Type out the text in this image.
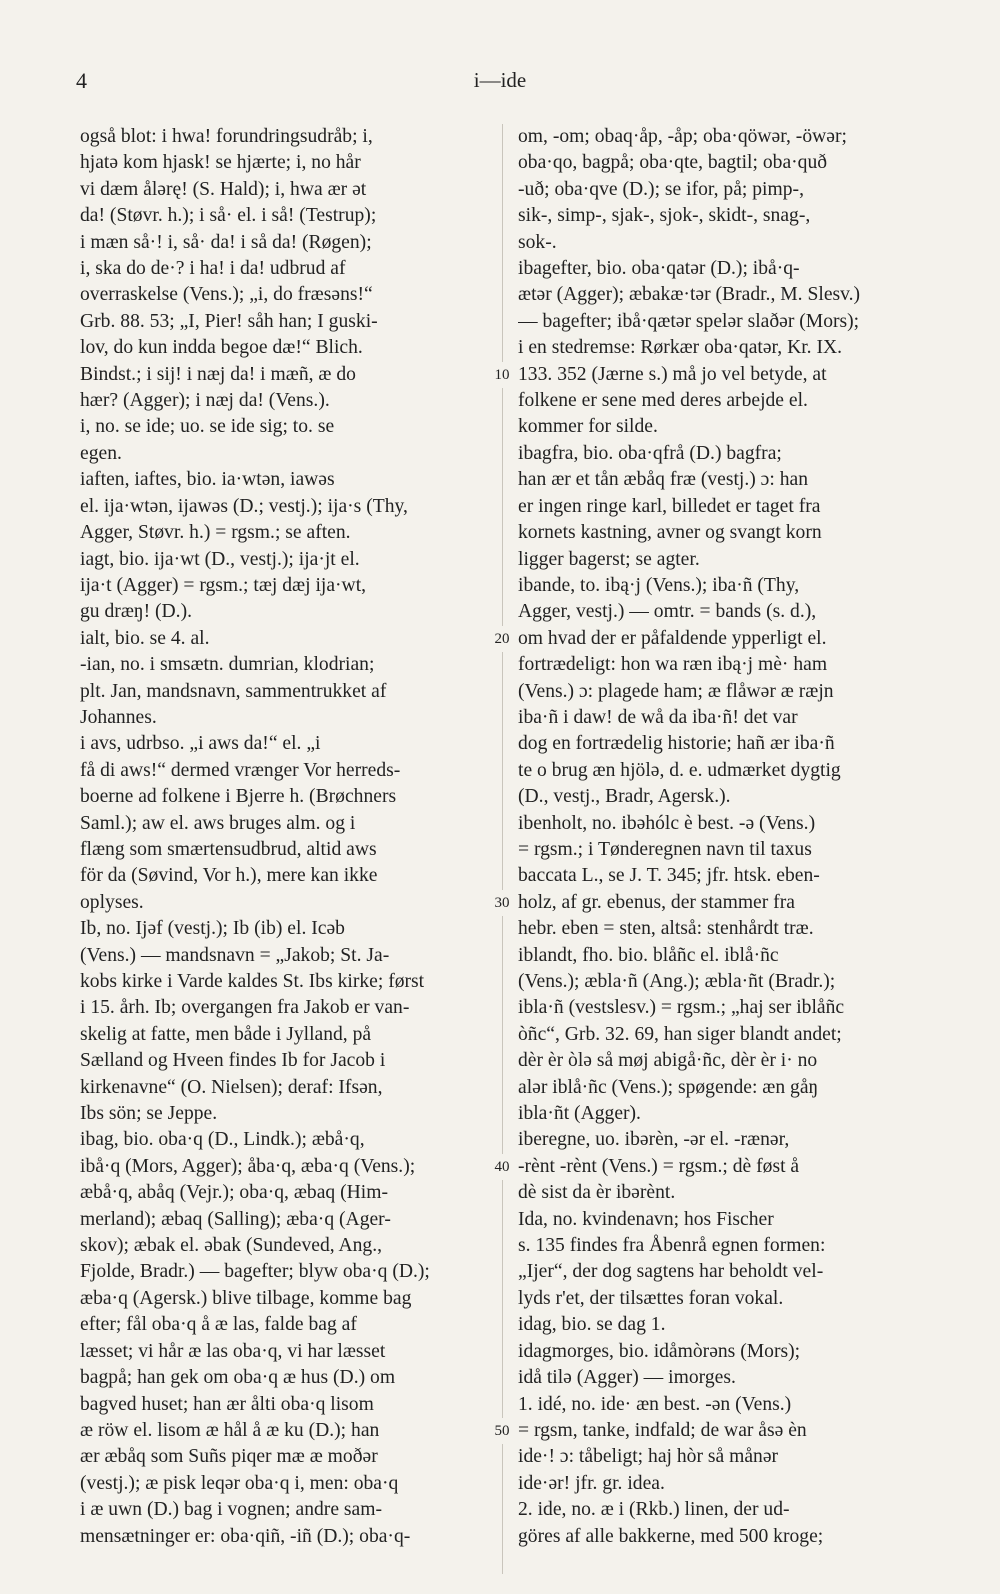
4	i—ide
også blot: i hwa! forundringsudråb; i,
hjatə kom hjask! se hjærte; i, no hår
vi dæm ålərę! (S. Hald); i, hwa ær ət
da! (Støvr. h.); i så· el. i så! (Testrup);
i mæn så·! i, så· da! i så da! (Røgen);
i, ska do de·? i ha! i da! udbrud af
overraskelse (Vens.); „i, do fræsəns!“
Grb. 88. 53; „I, Pier! såh han; I guski-
lov, do kun indda begoe dæ!“ Blich.
Bindst.; i sij! i næj da! i mæñ, æ do
hær? (Agger); i næj da! (Vens.).
i, no. se ide; uo. se ide sig; to. se
egen.
iaften, iaftes, bio. ia·wtən, iawəs
el. ija·wtən, ijawəs (D.; vestj.); ija·s (Thy,
Agger, Støvr. h.) = rgsm.; se aften.
iagt, bio. ija·wt (D., vestj.); ija·jt el.
ija·t (Agger) = rgsm.; tæj dæj ija·wt,
gu dræŋ! (D.).
ialt, bio. se 4. al.
-ian, no. i smsætn. dumrian, klodrian;
plt. Jan, mandsnavn, sammentrukket af
Johannes.
i avs, udrbso. „i aws da!“ el. „i
få di aws!“ dermed vrænger Vor herreds-
boerne ad folkene i Bjerre h. (Brøchners
Saml.); aw el. aws bruges alm. og i
flæng som smærtensudbrud, altid aws
för da (Søvind, Vor h.), mere kan ikke
oplyses.
Ib, no. Ijəf (vestj.); Ib (ib) el. Icəb
(Vens.) — mandsnavn = „Jakob; St. Ja-
kobs kirke i Varde kaldes St. Ibs kirke; først
i 15. årh. Ib; overgangen fra Jakob er van-
skelig at fatte, men både i Jylland, på
Sælland og Hveen findes Ib for Jacob i
kirkenavne“ (O. Nielsen); deraf: Ifsən,
Ibs sön; se Jeppe.
ibag, bio. oba·q (D., Lindk.); æbå·q,
ibå·q (Mors, Agger); åba·q, æba·q (Vens.);
æbå·q, abåq (Vejr.); oba·q, æbaq (Him-
merland); æbaq (Salling); æba·q (Ager-
skov); æbak el. əbak (Sundeved, Ang.,
Fjolde, Bradr.) — bagefter; blyw oba·q (D.);
æba·q (Agersk.) blive tilbage, komme bag
efter; fål oba·q å æ las, falde bag af
læsset; vi hår æ las oba·q, vi har læsset
bagpå; han gek om oba·q æ hus (D.) om
bagved huset; han ær ålti oba·q lisom
æ röw el. lisom æ hål å æ ku (D.); han
ær æbåq som Suñs piqer mæ æ moðər
(vestj.); æ pisk leqər oba·q i, men: oba·q
i æ uwn (D.) bag i vognen; andre sam-
mensætninger er: oba·qiñ, -iñ (D.); oba·q-
om, -om; obaq·åp, -åp; oba·qöwər, -öwər;
oba·qo, bagpå; oba·qte, bagtil; oba·quð
-uð; oba·qve (D.); se ifor, på; pimp-,
sik-, simp-, sjak-, sjok-, skidt-, snag-,
sok-.
ibagefter, bio. oba·qatər (D.); ibå·q-
ætər (Agger); æbakæ·tər (Bradr., M. Slesv.)
— bagefter; ibå·qætər spelər slaðər (Mors);
i en stedremse: Rørkær oba·qatər, Kr. IX.
133. 352 (Jærne s.) må jo vel betyde, at
folkene er sene med deres arbejde el.
kommer for silde.
ibagfra, bio. oba·qfrå (D.) bagfra;
han ær et tån æbåq fræ (vestj.) ɔ: han
er ingen ringe karl, billedet er taget fra
kornets kastning, avner og svangt korn
ligger bagerst; se agter.
ibande, to. ibą·j (Vens.); iba·ñ (Thy,
Agger, vestj.) — omtr. = bands (s. d.),
om hvad der er påfaldende ypperligt el.
fortrædeligt: hon wa ræn ibą·j mè· ham
(Vens.) ɔ: plagede ham; æ flåwər æ ræjn
iba·ñ i daw! de wå da iba·ñ! det var
dog en fortrædelig historie; hañ ær iba·ñ
te o brug æn hjölə, d. e. udmærket dygtig
(D., vestj., Bradr, Agersk.).
ibenholt, no. ibəhólc è best. -ə (Vens.)
= rgsm.; i Tønderegnen navn til taxus
baccata L., se J. T. 345; jfr. htsk. eben-
holz, af gr. ebenus, der stammer fra
hebr. eben = sten, altså: stenhårdt træ.
iblandt, fho. bio. blåñc el. iblå·ñc
(Vens.); æbla·ñ (Ang.); æbla·ñt (Bradr.);
ibla·ñ (vestslesv.) = rgsm.; „haj ser iblåñc
òñc“, Grb. 32. 69, han siger blandt andet;
dèr èr òlə så møj abigå·ñc, dèr èr i· no
alər iblå·ñc (Vens.); spøgende: æn gåŋ
ibla·ñt (Agger).
iberegne, uo. ibərèn, -ər el. -rænər,
-rènt -rènt (Vens.) = rgsm.; dè føst å
dè sist da èr ibərènt.
Ida, no. kvindenavn; hos Fischer
s. 135 findes fra Åbenrå egnen formen:
„Ijer“, der dog sagtens har beholdt vel-
lyds r'et, der tilsættes foran vokal.
idag, bio. se dag 1.
idagmorges, bio. idåmòrəns (Mors);
idå tilə (Agger) — imorges.
1. idé, no. ide· æn best. -ən (Vens.)
= rgsm, tanke, indfald; de war åsə èn
ide·! ɔ: tåbeligt; haj hòr så månər
ide·ər! jfr. gr. idea.
2. ide, no. æ i (Rkb.) linen, der ud-
göres af alle bakkerne, med 500 kroge;
10
20
30
40
50
